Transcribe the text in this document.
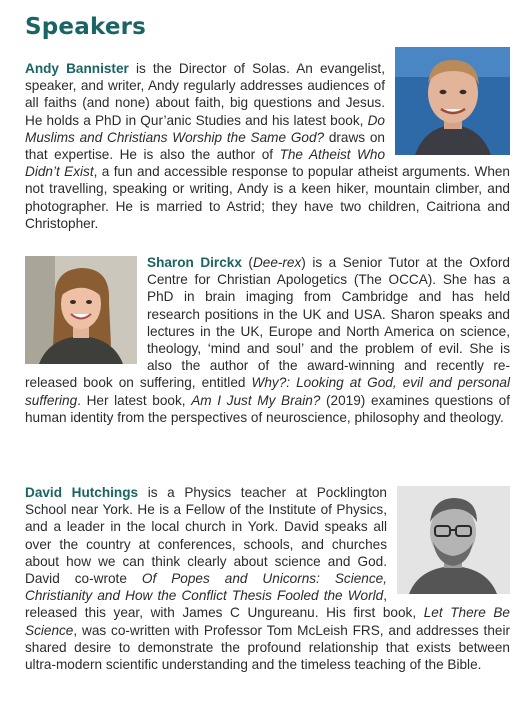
Speakers

Andy Bannister is the Director of Solas. An evangelist, speaker, and writer, Andy regularly addresses audiences of all faiths (and none) about faith, big questions and Jesus. He holds a PhD in Qur’anic Studies and his latest book, Do Muslims and Christians Worship the Same God? draws on that expertise. He is also the author of The Atheist Who Didn’t Exist, a fun and accessible response to popular atheist arguments. When not travelling, speaking or writing, Andy is a keen hiker, mountain climber, and photographer. He is married to Astrid; they have two children, Caitriona and Christopher.

Sharon Dirckx (Dee-rex) is a Senior Tutor at the Oxford Centre for Christian Apologetics (The OCCA). She has a PhD in brain imaging from Cambridge and has held research positions in the UK and USA. Sharon speaks and lectures in the UK, Europe and North America on science, theology, ‘mind and soul’ and the problem of evil. She is also the author of the award-winning and recently re-released book on suffering, entitled Why?: Looking at God, evil and personal suffering. Her latest book, Am I Just My Brain? (2019) examines questions of human identity from the perspectives of neuroscience, philosophy and theology.

David Hutchings is a Physics teacher at Pocklington School near York. He is a Fellow of the Institute of Physics, and a leader in the local church in York. David speaks all over the country at conferences, schools, and churches about how we can think clearly about science and God. David co-wrote Of Popes and Unicorns: Science, Christianity and How the Conflict Thesis Fooled the World, released this year, with James C Ungureanu. His first book, Let There Be Science, was co-written with Professor Tom McLeish FRS, and addresses their shared desire to demonstrate the profound relationship that exists between ultra-modern scientific understanding and the timeless teaching of the Bible.
